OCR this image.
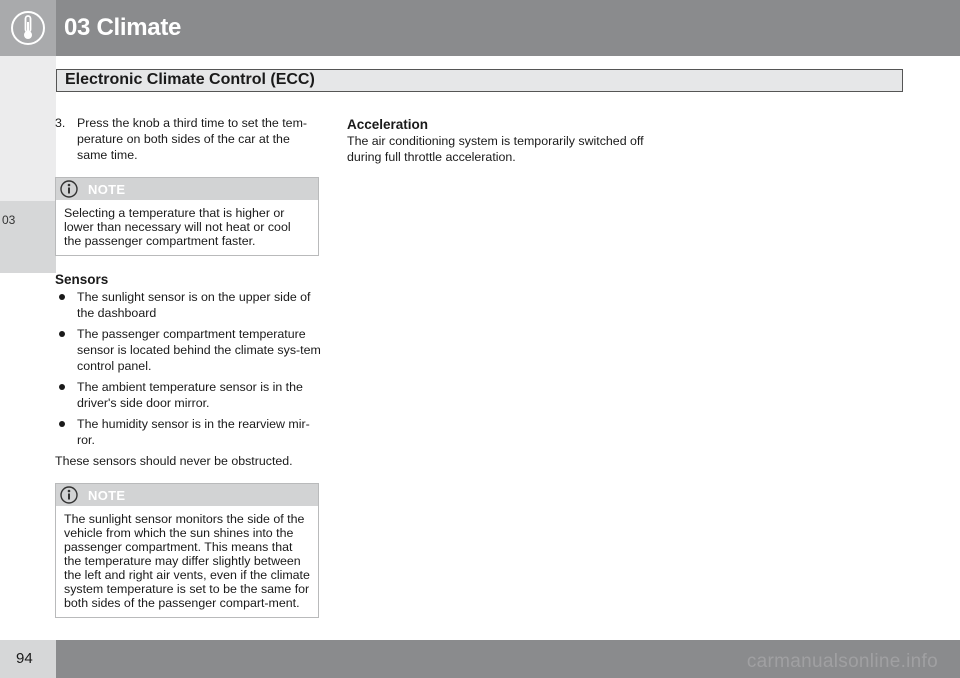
03 Climate
03
Electronic Climate Control (ECC)
3. Press the knob a third time to set the tem-perature on both sides of the car at the same time.
NOTE
Selecting a temperature that is higher or lower than necessary will not heat or cool the passenger compartment faster.

Sensors

The sunlight sensor is on the upper side of the dashboard
The passenger compartment temperature sensor is located behind the climate sys-tem control panel.
The ambient temperature sensor is in the driver's side door mirror.
The humidity sensor is in the rearview mir-ror.

These sensors should never be obstructed.

NOTE
The sunlight sensor monitors the side of the vehicle from which the sun shines into the passenger compartment. This means that the temperature may differ slightly between the left and right air vents, even if the climate system temperature is set to be the same for both sides of the passenger compart-ment.

Acceleration

The air conditioning system is temporarily switched off during full throttle acceleration.

94	carmanualsonline.info
